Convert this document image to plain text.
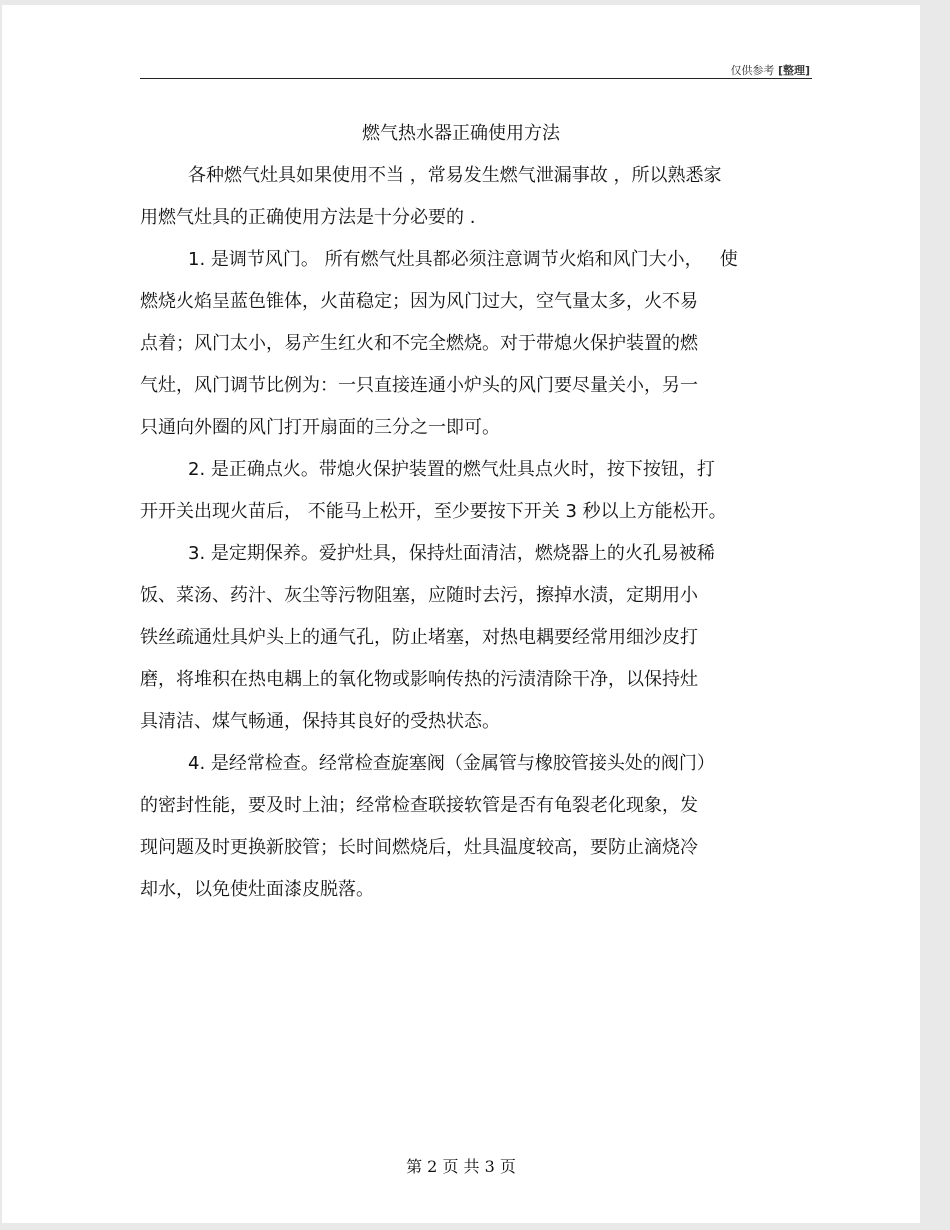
仅供参考 [整理]
燃气热水器正确使用方法
各种燃气灶具如果使用不当 ，常易发生燃气泄漏事故 ，所以熟悉家
用燃气灶具的正确使用方法是十分必要的 .
1. 是调节风门。 所有燃气灶具都必须注意调节火焰和风门大小，   使
燃烧火焰呈蓝色锥体，火苗稳定；因为风门过大，空气量太多，火不易
点着；风门太小，易产生红火和不完全燃烧。对于带熄火保护装置的燃
气灶，风门调节比例为：一只直接连通小炉头的风门要尽量关小，另一
只通向外圈的风门打开扇面的三分之一即可。
2. 是正确点火。带熄火保护装置的燃气灶具点火时，按下按钮，打
开开关出现火苗后， 不能马上松开，至少要按下开关 3 秒以上方能松开。
3. 是定期保养。爱护灶具，保持灶面清洁，燃烧器上的火孔易被稀
饭、菜汤、药汁、灰尘等污物阻塞，应随时去污，擦掉水渍，定期用小
铁丝疏通灶具炉头上的通气孔，防止堵塞，对热电耦要经常用细沙皮打
磨，将堆积在热电耦上的氧化物或影响传热的污渍清除干净，以保持灶
具清洁、煤气畅通，保持其良好的受热状态。
4. 是经常检查。经常检查旋塞阀（金属管与橡胶管接头处的阀门）
的密封性能，要及时上油；经常检查联接软管是否有龟裂老化现象，发
现问题及时更换新胶管；长时间燃烧后，灶具温度较高，要防止滴烧冷
却水，以免使灶面漆皮脱落。
第 2 页 共 3 页
